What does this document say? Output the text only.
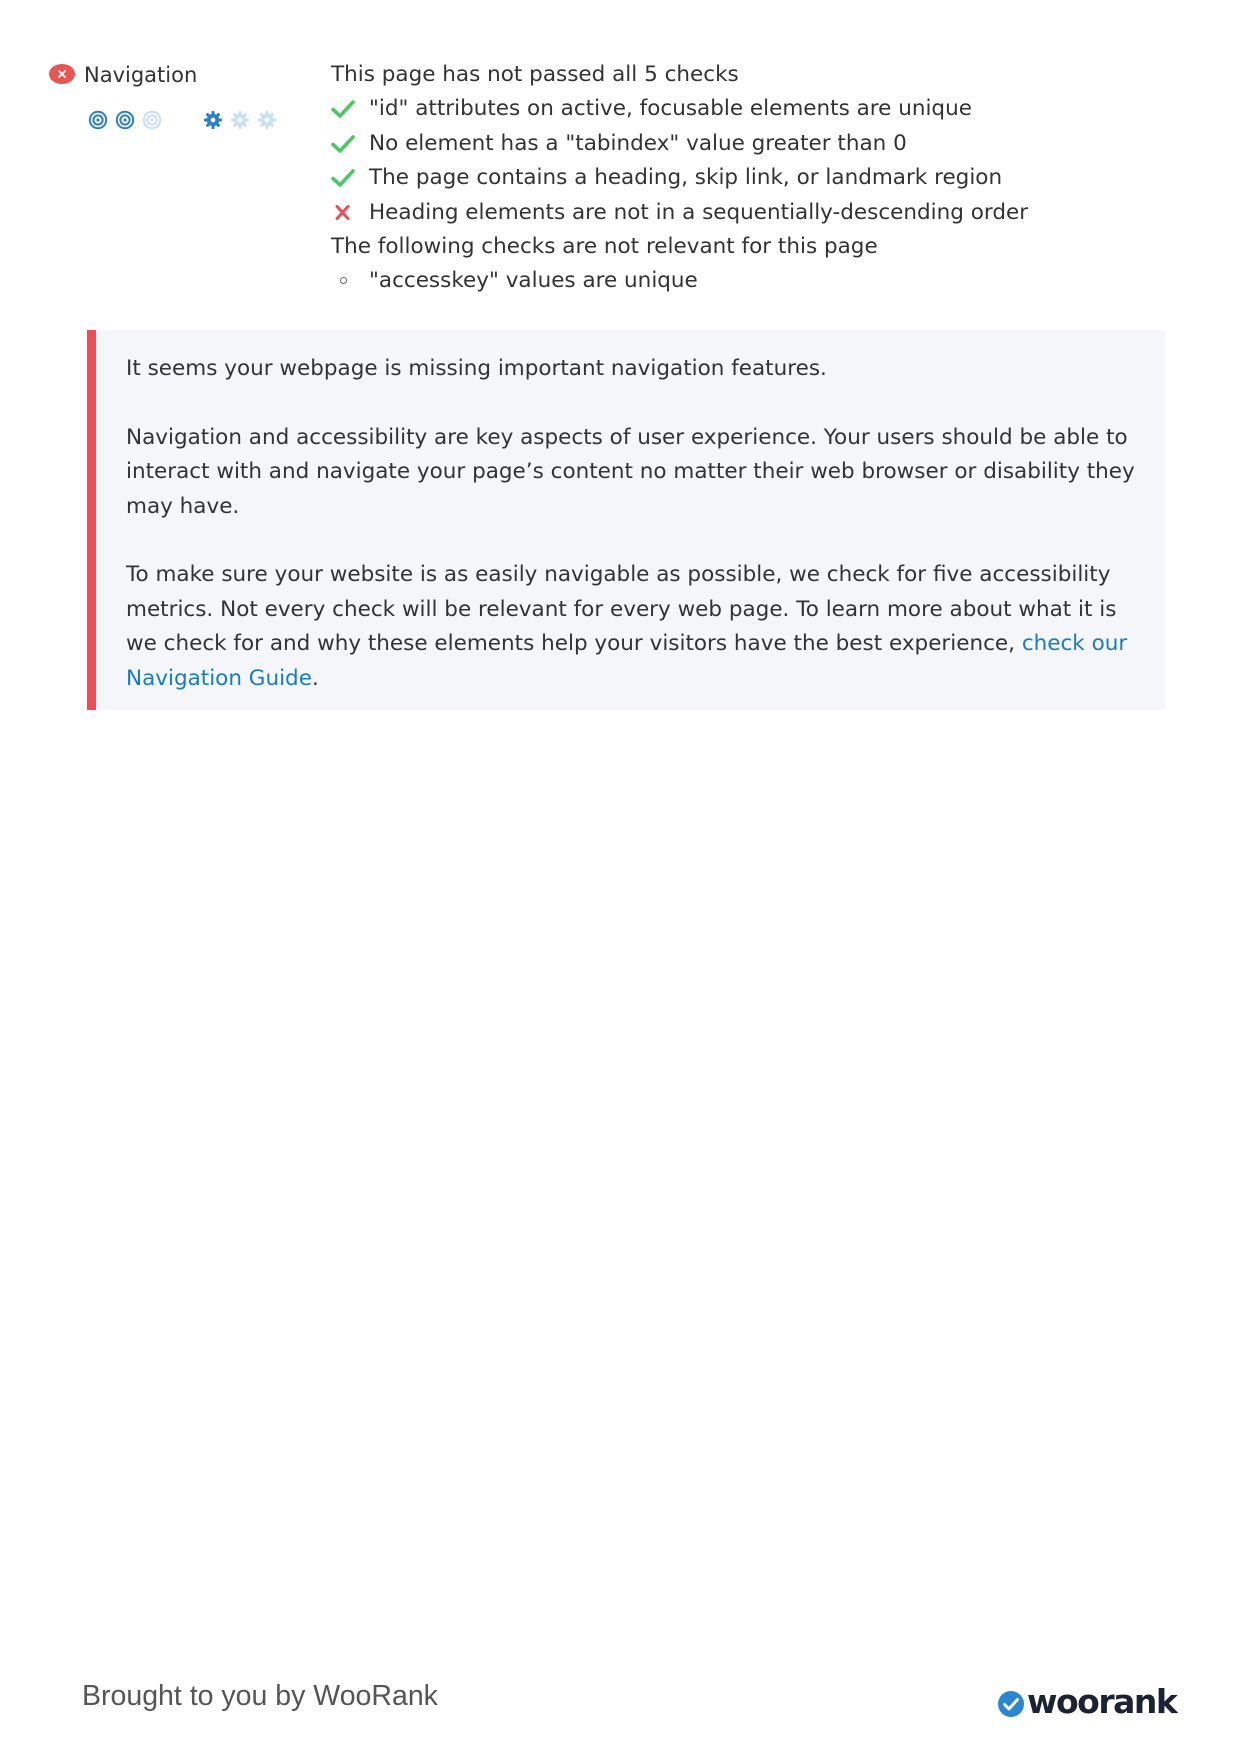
Navigation	This page has not passed all 5 checks
"id" attributes on active, focusable elements are unique
No element has a "tabindex" value greater than 0
The page contains a heading, skip link, or landmark region
Heading elements are not in a sequentially-descending order
The following checks are not relevant for this page
"accesskey" values are unique

It seems your webpage is missing important navigation features.

Navigation and accessibility are key aspects of user experience. Your users should be able to interact with and navigate your page’s content no matter their web browser or disability they may have.

To make sure your website is as easily navigable as possible, we check for five accessibility metrics. Not every check will be relevant for every web page. To learn more about what it is we check for and why these elements help your visitors have the best experience, check our Navigation Guide.

Brought to you by WooRank	woorank
